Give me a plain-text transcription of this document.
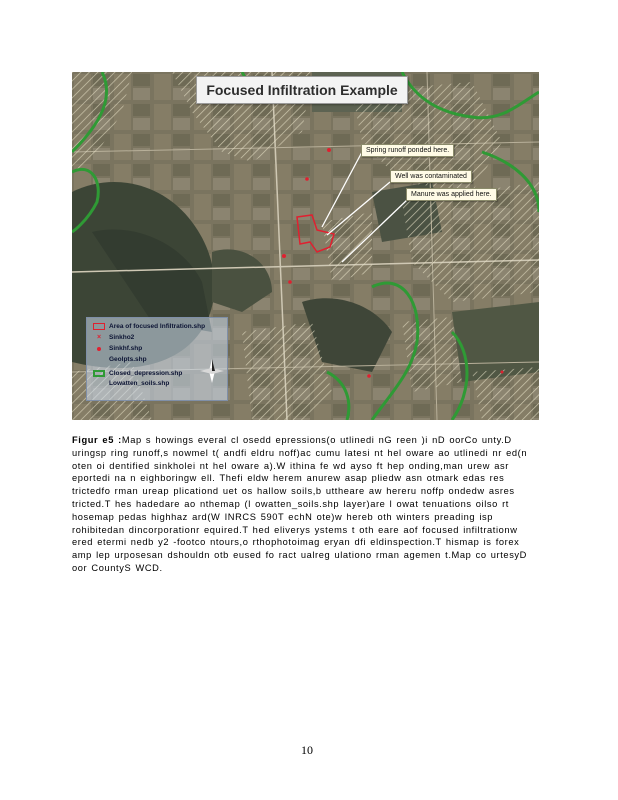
Focused Infiltration Example
Spring runoff ponded here.
Well was contaminated
Manure was applied here.
Area of focused Infiltration.shp
× Sinkho2
Sinkhf.shp
Geolpts.shp
Closed_depression.shp
Lowatten_soils.shp
Figur e5 :Map s howings everal cl osedd epressions(o utlinedi nG reen )i nD oorCo unty.D uringsp ring runoff,s nowmel t( andfi eldru noff)ac cumu latesi nt hel oware ao utlinedi nr ed(n oten oi dentified sinkholei nt hel oware a).W ithina fe wd ayso ft hep onding,man urew asr eportedi na n eighboringw ell. Thefi eldw herem anurew asap pliedw asn otmark edas res trictedfo rman ureap plicationd uet os hallow soils,b uttheare aw hereru noffp ondedw asres tricted.T hes hadedare ao nthemap (l owatten_soils.shp layer)are l owat tenuations oilso rt hosemap pedas highhaz ard(W INRCS 590T echN ote)w hereb oth winters preading isp rohibitedan dincorporationr equired.T hed eliverys ystems t oth eare aof focused infiltrationw ered etermi nedb y2 -footco ntours,o rthophotoimag eryan dfi eldinspection.T hismap is forex amp lep urposesan dshouldn otb eused fo ract ualreg ulationo rman agemen t.Map co urtesyD oor CountyS WCD.
10
